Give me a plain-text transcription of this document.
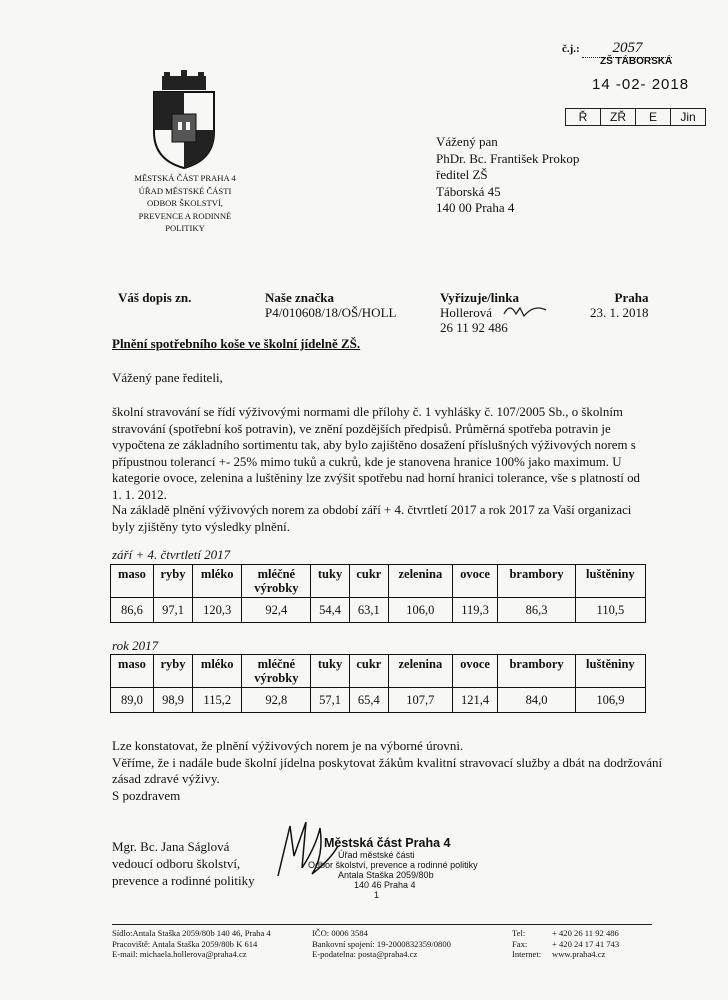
č.j.: 2057
ZŠ TÁBORSKÁ
14 -02- 2018
Ř	ZŘ	E	Jin
MĚSTSKÁ ČÁST PRAHA 4
ÚŘAD MĚSTSKÉ ČÁSTI
ODBOR ŠKOLSTVÍ,
PREVENCE A RODINNÉ
POLITIKY
Vážený pan
PhDr. Bc. František Prokop
ředitel ZŠ
Táborská 45
140 00 Praha 4
Váš dopis zn.	Naše značka
P4/010608/18/OŠ/HOLL
Vyřizuje/linka
Hollerová
26 11 92 486
Praha
23. 1. 2018
Plnění spotřebního koše ve školní jídelně ZŠ.
Vážený pane řediteli,
školní stravování se řídí výživovými normami dle přílohy č. 1 vyhlášky č. 107/2005 Sb., o školním stravování (spotřební koš potravin), ve znění pozdějších předpisů. Průměrná spotřeba potravin je vypočtena ze základního sortimentu tak, aby bylo zajištěno dosažení příslušných výživových norem s přípustnou tolerancí +- 25% mimo tuků a cukrů, kde je stanovena hranice 100% jako maximum. U kategorie ovoce, zelenina a luštěniny lze zvýšit spotřebu nad horní hranici tolerance, vše s platností od 1. 1. 2012.
Na základě plnění výživových norem za období září + 4. čtvrtletí 2017 a rok 2017 za Vaší organizaci byly zjištěny tyto výsledky plnění.
září + 4. čtvrtletí 2017
maso	ryby	mléko	mléčné výrobky	tuky	cukr	zelenina	ovoce	brambory	luštěniny
86,6	97,1	120,3	92,4	54,4	63,1	106,0	119,3	86,3	110,5
rok 2017
maso	ryby	mléko	mléčné výrobky	tuky	cukr	zelenina	ovoce	brambory	luštěniny
89,0	98,9	115,2	92,8	57,1	65,4	107,7	121,4	84,0	106,9
Lze konstatovat, že plnění výživových norem je na výborné úrovni.
Věříme, že i nadále bude školní jídelna poskytovat žákům kvalitní stravovací služby a dbát na dodržování zásad zdravé výživy.
S pozdravem
Mgr. Bc. Jana Ságlová
vedoucí odboru školství,
prevence a rodinné politiky
Městská část Praha 4
Úřad městské části
Odbor školství, prevence a rodinné politiky
Antala Staška 2059/80b
140 46 Praha 4
1
Sídlo:Antala Staška 2059/80b 140 46, Praha 4
Pracoviště: Antala Staška 2059/80b K 614
E-mail: michaela.hollerova@praha4.cz
IČO: 0006 3584
Bankovní spojení: 19-2000832359/0800
E-podatelna: posta@praha4.cz
Tel:	+ 420 26 11 92 486
Fax:	+ 420 24 17 41 743
Internet: www.praha4.cz
